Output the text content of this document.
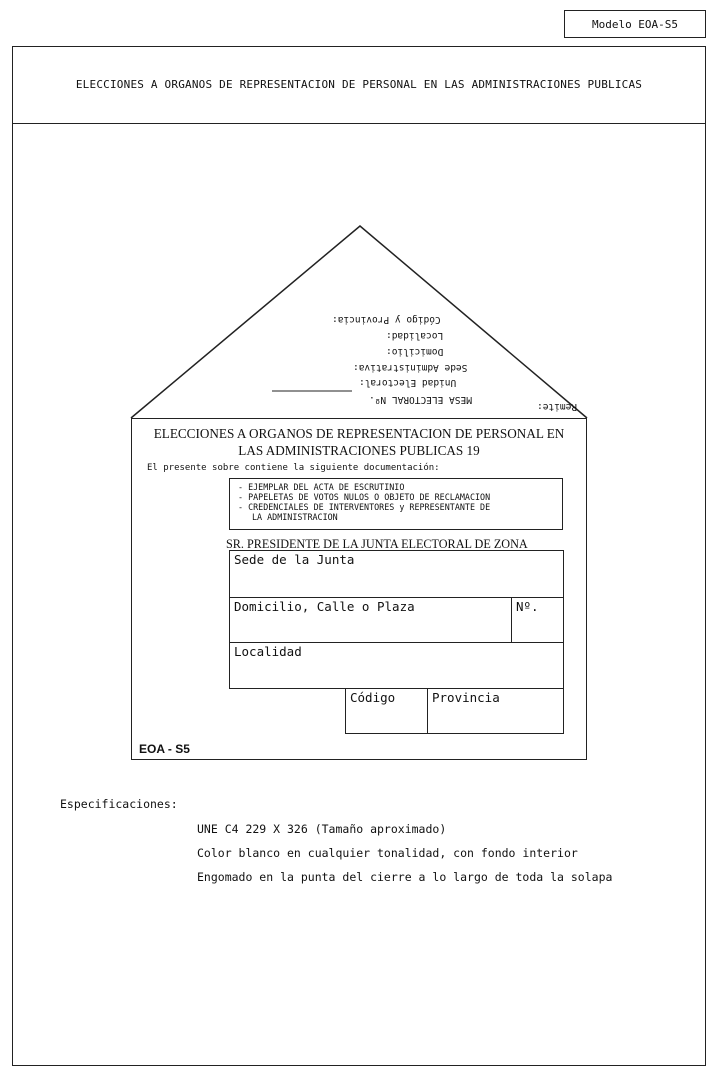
Modelo EOA-S5
ELECCIONES A ORGANOS DE REPRESENTACION DE PERSONAL EN LAS ADMINISTRACIONES PUBLICAS
Remite:
MESA ELECTORAL Nº.
Unidad Electoral:
Sede Administrativa:
Domicilio:
Localidad:
Código y Provincia:
ELECCIONES A ORGANOS DE REPRESENTACION DE PERSONAL EN
LAS ADMINISTRACIONES PUBLICAS 19
El presente sobre contiene la siguiente documentación:
- EJEMPLAR DEL ACTA DE ESCRUTINIO
- PAPELETAS DE VOTOS NULOS O OBJETO DE RECLAMACION
- CREDENCIALES DE INTERVENTORES y REPRESENTANTE DE
LA ADMINISTRACION
SR. PRESIDENTE DE LA JUNTA ELECTORAL DE ZONA
Sede de la Junta
Domicilio, Calle o Plaza	Nº.
Localidad
Código	Provincia
EOA - S5
Especificaciones:
UNE C4 229 X 326 (Tamaño aproximado)
Color blanco en cualquier tonalidad, con fondo interior
Engomado en la punta del cierre a lo largo de toda la solapa
